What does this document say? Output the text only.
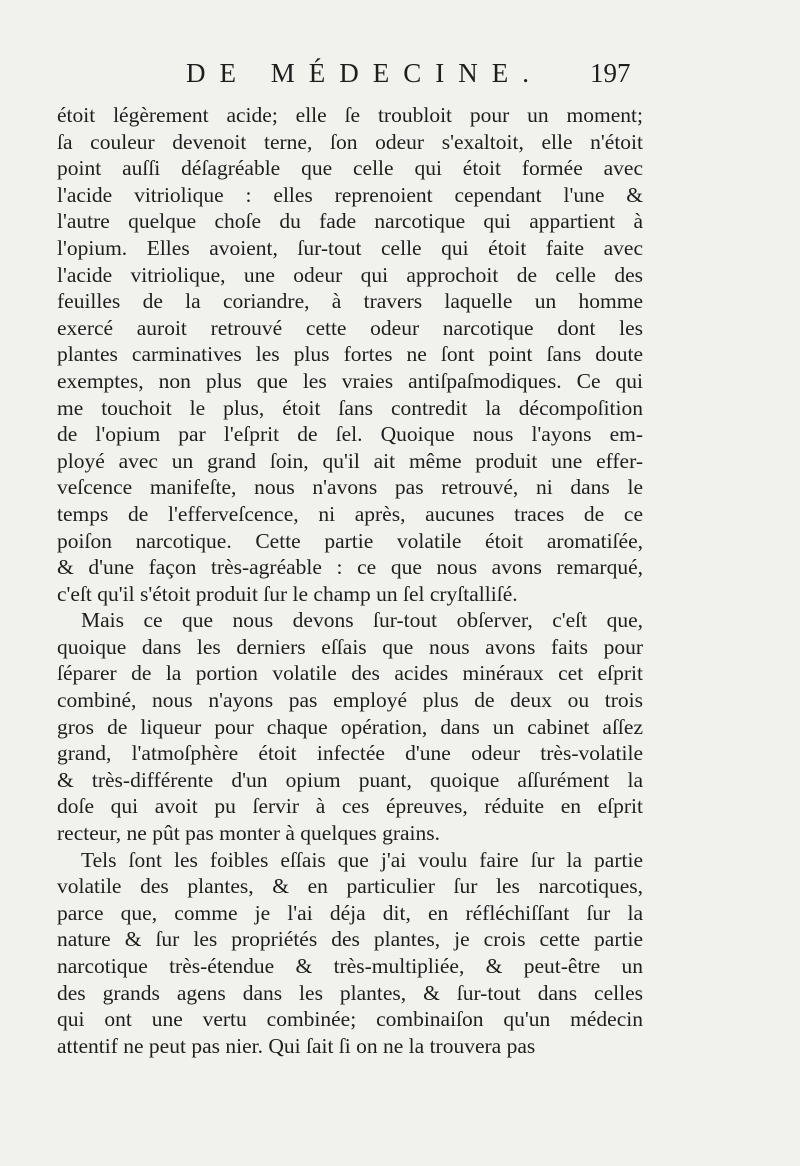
DE MÉDECINE. 197
étoit légèrement acide; elle ſe troubloit pour un moment;
ſa couleur devenoit terne, ſon odeur s'exaltoit, elle n'étoit
point auſſi déſagréable que celle qui étoit formée avec
l'acide vitriolique : elles reprenoient cependant l'une &
l'autre quelque choſe du fade narcotique qui appartient à
l'opium. Elles avoient, ſur-tout celle qui étoit faite avec
l'acide vitriolique, une odeur qui approchoit de celle des
feuilles de la coriandre, à travers laquelle un homme
exercé auroit retrouvé cette odeur narcotique dont les
plantes carminatives les plus fortes ne ſont point ſans doute
exemptes, non plus que les vraies antiſpaſmodiques. Ce qui
me touchoit le plus, étoit ſans contredit la décompoſition
de l'opium par l'eſprit de ſel. Quoique nous l'ayons em-
ployé avec un grand ſoin, qu'il ait même produit une effer-
veſcence manifeſte, nous n'avons pas retrouvé, ni dans le
temps de l'efferveſcence, ni après, aucunes traces de ce
poiſon narcotique. Cette partie volatile étoit aromatiſée,
& d'une façon très-agréable : ce que nous avons remarqué,
c'eſt qu'il s'étoit produit ſur le champ un ſel cryſtalliſé.
Mais ce que nous devons ſur-tout obſerver, c'eſt que,
quoique dans les derniers eſſais que nous avons faits pour
ſéparer de la portion volatile des acides minéraux cet eſprit
combiné, nous n'ayons pas employé plus de deux ou trois
gros de liqueur pour chaque opération, dans un cabinet aſſez
grand, l'atmoſphère étoit infectée d'une odeur très-volatile
& très-différente d'un opium puant, quoique aſſurément la
doſe qui avoit pu ſervir à ces épreuves, réduite en eſprit
recteur, ne pût pas monter à quelques grains.
Tels ſont les foibles eſſais que j'ai voulu faire ſur la partie
volatile des plantes, & en particulier ſur les narcotiques,
parce que, comme je l'ai déja dit, en réfléchiſſant ſur la
nature & ſur les propriétés des plantes, je crois cette partie
narcotique très-étendue & très-multipliée, & peut-être un
des grands agens dans les plantes, & ſur-tout dans celles
qui ont une vertu combinée; combinaiſon qu'un médecin
attentif ne peut pas nier. Qui ſait ſi on ne la trouvera pas
